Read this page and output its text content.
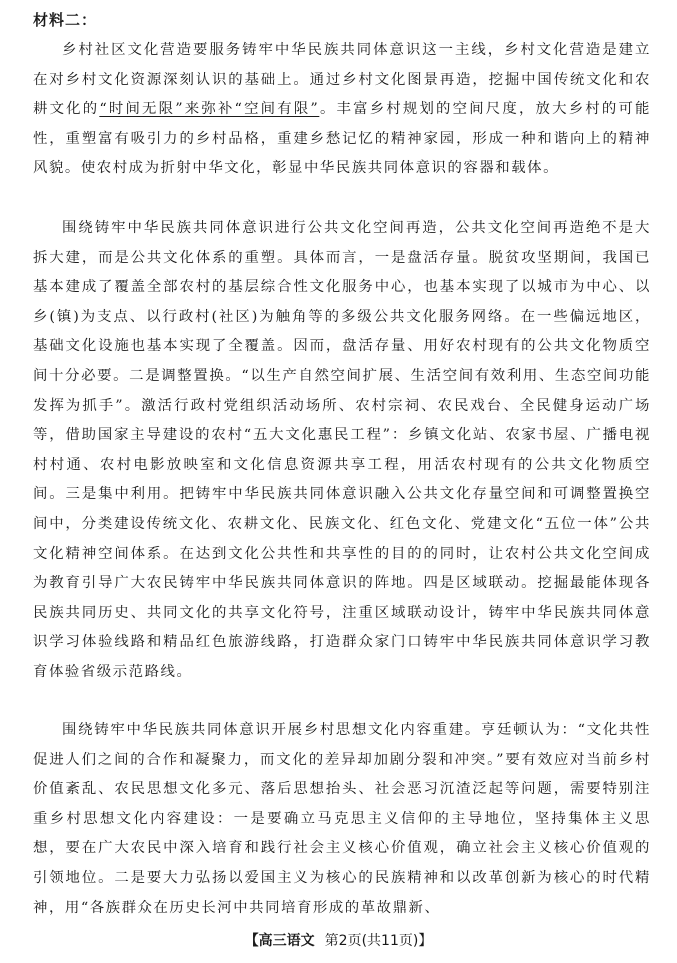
材料二：

乡村社区文化营造要服务铸牢中华民族共同体意识这一主线，乡村文化营造是建立在对乡村文化资源深刻认识的基础上。通过乡村文化图景再造，挖掘中国传统文化和农耕文化的“时间无限”来弥补“空间有限”。丰富乡村规划的空间尺度，放大乡村的可能性，重塑富有吸引力的乡村品格，重建乡愁记忆的精神家园，形成一种和谐向上的精神风貌。使农村成为折射中华文化，彰显中华民族共同体意识的容器和载体。

围绕铸牢中华民族共同体意识进行公共文化空间再造，公共文化空间再造绝不是大拆大建，而是公共文化体系的重塑。具体而言，一是盘活存量。脱贫攻坚期间，我国已基本建成了覆盖全部农村的基层综合性文化服务中心，也基本实现了以城市为中心、以乡(镇)为支点、以行政村(社区)为触角等的多级公共文化服务网络。在一些偏远地区，基础文化设施也基本实现了全覆盖。因而，盘活存量、用好农村现有的公共文化物质空间十分必要。二是调整置换。“以生产自然空间扩展、生活空间有效利用、生态空间功能发挥为抓手”。激活行政村党组织活动场所、农村宗祠、农民戏台、全民健身运动广场等，借助国家主导建设的农村“五大文化惠民工程”：乡镇文化站、农家书屋、广播电视村村通、农村电影放映室和文化信息资源共享工程，用活农村现有的公共文化物质空间。三是集中利用。把铸牢中华民族共同体意识融入公共文化存量空间和可调整置换空间中，分类建设传统文化、农耕文化、民族文化、红色文化、党建文化“五位一体”公共文化精神空间体系。在达到文化公共性和共享性的目的的同时，让农村公共文化空间成为教育引导广大农民铸牢中华民族共同体意识的阵地。四是区域联动。挖掘最能体现各民族共同历史、共同文化的共享文化符号，注重区域联动设计，铸牢中华民族共同体意识学习体验线路和精品红色旅游线路，打造群众家门口铸牢中华民族共同体意识学习教育体验省级示范路线。

围绕铸牢中华民族共同体意识开展乡村思想文化内容重建。亨廷顿认为：“文化共性促进人们之间的合作和凝聚力，而文化的差异却加剧分裂和冲突。”要有效应对当前乡村价值紊乱、农民思想文化多元、落后思想抬头、社会恶习沉渣泛起等问题，需要特别注重乡村思想文化内容建设：一是要确立马克思主义信仰的主导地位，坚持集体主义思想，要在广大农民中深入培育和践行社会主义核心价值观，确立社会主义核心价值观的引领地位。二是要大力弘扬以爱国主义为核心的民族精神和以改革创新为核心的时代精神，用“各族群众在历史长河中共同培育形成的革故鼎新、

【高三语文 第2页(共11页)】
